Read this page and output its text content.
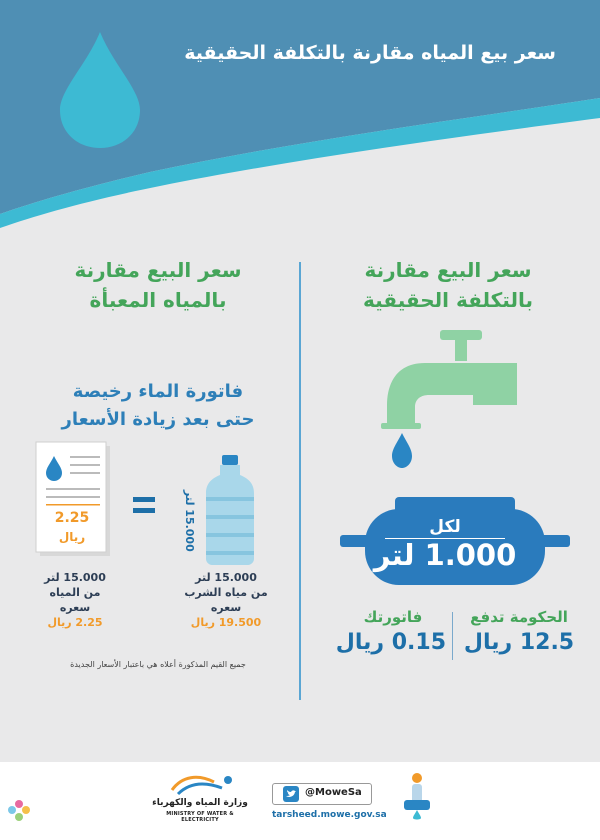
سعر بيع المياه مقارنة بالتكلفة الحقيقية
سعر البيع مقارنة
بالتكلفة الحقيقية
لكل
1.000 لتر
الحكومة تدفع
12.5 ريال
فاتورتك
0.15 ريال
سعر البيع مقارنة
بالمياه المعبأة
فاتورة الماء رخيصة
حتى بعد زيادة الأسعار
2.25
ريال
15.000 لتر
15.000 لتر
من المياه
سعره
2.25 ريال
15.000 لتر
من مياه الشرب
سعره
19.500 ريال
جميع القيم المذكورة أعلاه هي باعتبار الأسعار الجديدة
وزارة المياه والكهرباء
MINISTRY OF WATER & ELECTRICITY
@MoweSa
tarsheed.mowe.gov.sa
